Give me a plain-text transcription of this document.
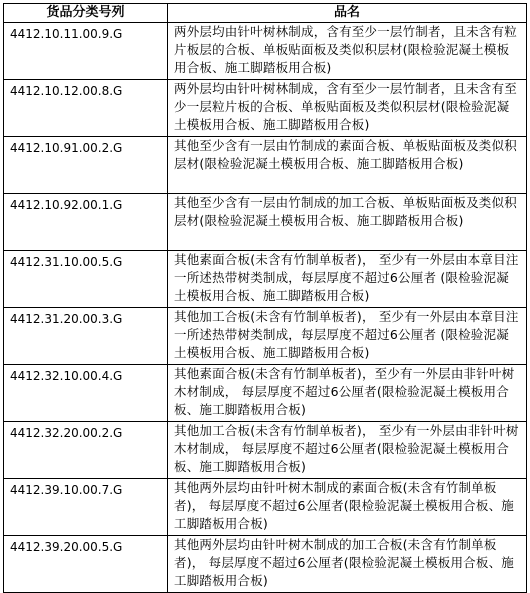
货品分类号列	品名
4412.10.11.00.9.G	两外层均由针叶树林制成，含有至少一层竹制者，且未含有粒片板层的合板、单板贴面板及类似积层材(限检验泥凝土模板用合板、施工脚踏板用合板)
4412.10.12.00.8.G	两外层均由针叶树林制成，含有至少一层竹制者，且未含有至少一层粒片板的合板、单板贴面板及类似积层材(限检验泥凝土模板用合板、施工脚踏板用合板)
4412.10.91.00.2.G	其他至少含有一层由竹制成的素面合板、单板贴面板及类似积层材(限检验泥凝土模板用合板、施工脚踏板用合板)
4412.10.92.00.1.G	其他至少含有一层由竹制成的加工合板、单板贴面板及类似积层材(限检验泥凝土模板用合板、施工脚踏板用合板)
4412.31.10.00.5.G	其他素面合板(未含有竹制单板者)， 至少有一外层由本章目注一所述热带树类制成，每层厚度不超过6公厘者 (限检验泥凝土模板用合板、施工脚踏板用合板)
4412.31.20.00.3.G	其他加工合板(未含有竹制单板者)， 至少有一外层由本章目注一所述热带树类制成，每层厚度不超过6公厘者 (限检验泥凝土模板用合板、施工脚踏板用合板)
4412.32.10.00.4.G	其他素面合板(未含有竹制单板者)，至少有一外层由非针叶树木材制成， 每层厚度不超过6公厘者(限检验泥凝土模板用合板、施工脚踏板用合板)
4412.32.20.00.2.G	其他加工合板(未含有竹制单板者)， 至少有一外层由非针叶树木材制成， 每层厚度不超过6公厘者(限检验泥凝土模板用合板、施工脚踏板用合板)
4412.39.10.00.7.G	其他两外层均由针叶树木制成的素面合板(未含有竹制单板者)， 每层厚度不超过6公厘者(限检验泥凝土模板用合板、施工脚踏板用合板)
4412.39.20.00.5.G	其他两外层均由针叶树木制成的加工合板(未含有竹制单板者)， 每层厚度不超过6公厘者(限检验泥凝土模板用合板、施工脚踏板用合板)
